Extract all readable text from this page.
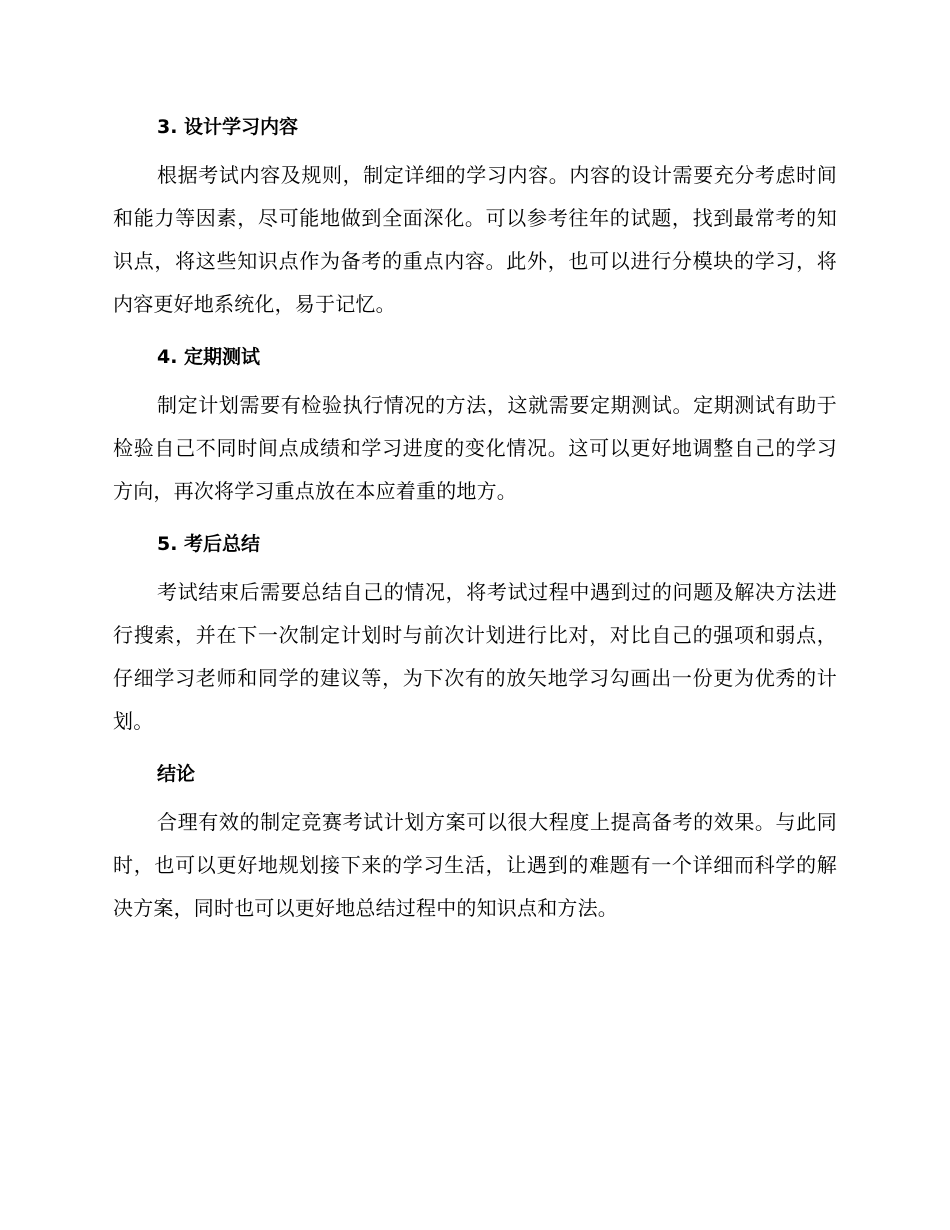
3. 设计学习内容

根据考试内容及规则，制定详细的学习内容。内容的设计需要充分考虑时间和能力等因素，尽可能地做到全面深化。可以参考往年的试题，找到最常考的知识点，将这些知识点作为备考的重点内容。此外，也可以进行分模块的学习，将内容更好地系统化，易于记忆。

4. 定期测试

制定计划需要有检验执行情况的方法，这就需要定期测试。定期测试有助于检验自己不同时间点成绩和学习进度的变化情况。这可以更好地调整自己的学习方向，再次将学习重点放在本应着重的地方。

5. 考后总结

考试结束后需要总结自己的情况，将考试过程中遇到过的问题及解决方法进行搜索，并在下一次制定计划时与前次计划进行比对，对比自己的强项和弱点，仔细学习老师和同学的建议等，为下次有的放矢地学习勾画出一份更为优秀的计划。

结论

合理有效的制定竞赛考试计划方案可以很大程度上提高备考的效果。与此同时，也可以更好地规划接下来的学习生活，让遇到的难题有一个详细而科学的解决方案，同时也可以更好地总结过程中的知识点和方法。
